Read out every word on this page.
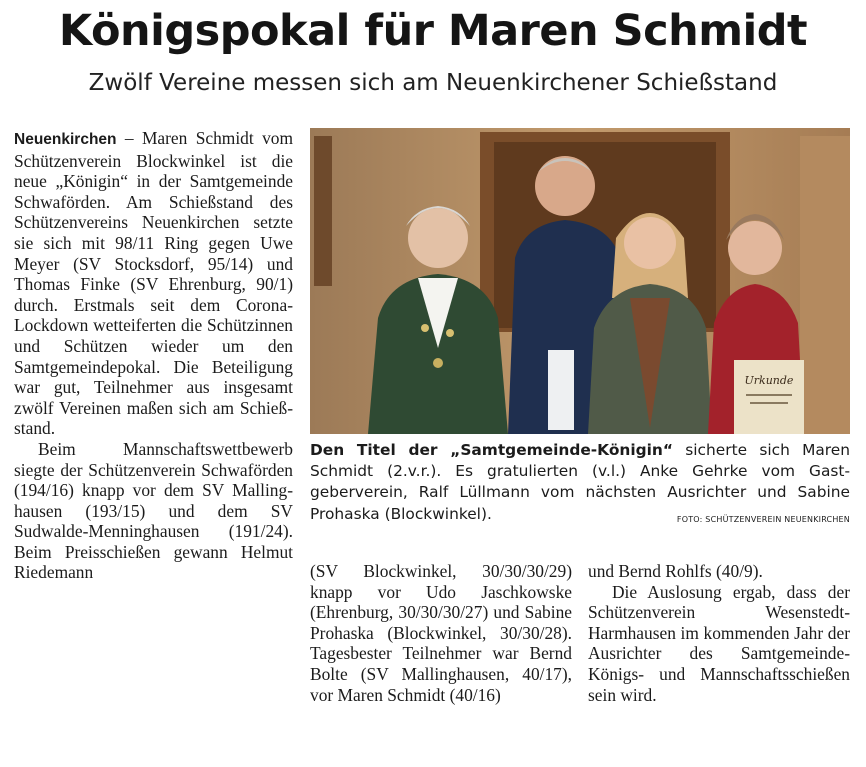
Königspokal für Maren Schmidt
Zwölf Vereine messen sich am Neuenkirchener Schießstand

Neuenkirchen – Maren Schmidt vom Schützenverein Blockwinkel ist die neue „Königin“ in der Samtgemeinde Schwaförden. Am Schießstand des Schützenvereins Neuenkirchen setzte sie sich mit 98/11 Ring gegen Uwe Meyer (SV Stocksdorf, 95/14) und Thomas Finke (SV Ehrenburg, 90/1) durch. Erstmals seit dem Corona-Lockdown wetteiferten die Schützinnen und Schützen wieder um den Samtgemeindepokal. Die Beteiligung war gut, Teilnehmer aus insgesamt zwölf Vereinen maßen sich am Schießstand.

Beim Mannschaftswettbewerb siegte der Schützenverein Schwaförden (194/16) knapp vor dem SV Mallinghausen (193/15) und dem SV Sudwalde-Menninghausen (191/24). Beim Preisschießen gewann Helmut Riedemann

Urkunde
Den Titel der „Samtgemeinde-Königin“ sicherte sich Maren Schmidt (2.v.r.). Es gratulierten (v.l.) Anke Gehrke vom Gastgeberverein, Ralf Lüllmann vom nächsten Ausrichter und Sabine Prohaska (Blockwinkel).	FOTO: SCHÜTZENVEREIN NEUENKIRCHEN

(SV Blockwinkel, 30/30/30/29) knapp vor Udo Jaschkowske (Ehrenburg, 30/30/30/27) und Sabine Prohaska (Blockwinkel, 30/30/28). Tagesbester Teilnehmer war Bernd Bolte (SV Mallinghausen, 40/17), vor Maren Schmidt (40/16)

und Bernd Rohlfs (40/9).

Die Auslosung ergab, dass der Schützenverein Wesenstedt-Harmhausen im kommenden Jahr der Ausrichter des Samtgemeinde-Königs- und Mannschaftsschießen sein wird.
